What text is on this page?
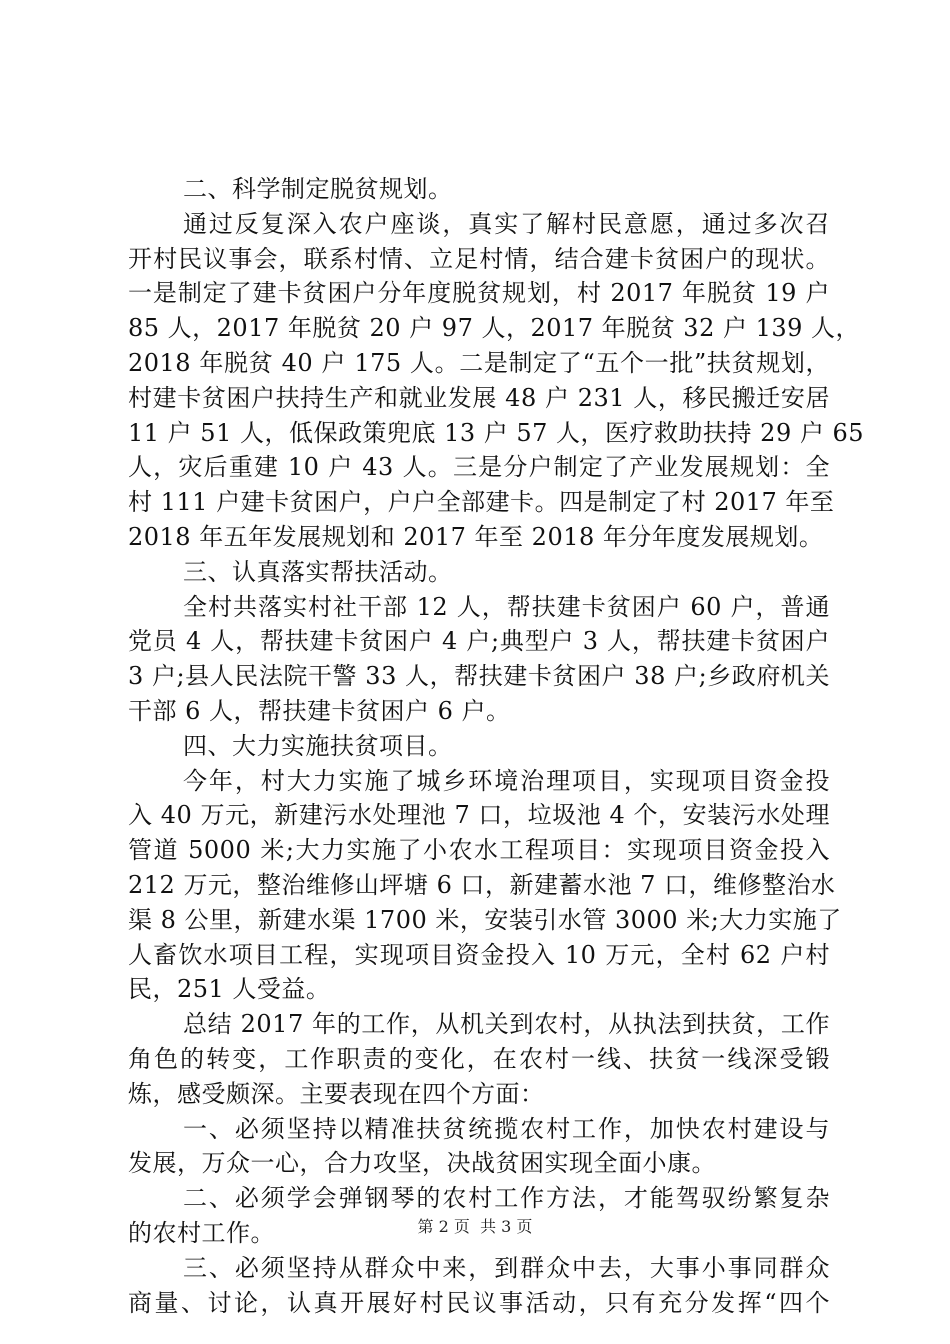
二、科学制定脱贫规划。
通过反复深入农户座谈，真实了解村民意愿，通过多次召
开村民议事会，联系村情、立足村情，结合建卡贫困户的现状。
一是制定了建卡贫困户分年度脱贫规划，村 2017 年脱贫 19 户
85 人，2017 年脱贫 20 户 97 人，2017 年脱贫 32 户 139 人，
2018 年脱贫 40 户 175 人。二是制定了“五个一批”扶贫规划，
村建卡贫困户扶持生产和就业发展 48 户 231 人，移民搬迁安居
11 户 51 人，低保政策兜底 13 户 57 人，医疗救助扶持 29 户 65
人，灾后重建 10 户 43 人。三是分户制定了产业发展规划：全
村 111 户建卡贫困户，户户全部建卡。四是制定了村 2017 年至
2018 年五年发展规划和 2017 年至 2018 年分年度发展规划。
三、认真落实帮扶活动。
全村共落实村社干部 12 人，帮扶建卡贫困户 60 户，普通
党员 4 人，帮扶建卡贫困户 4 户;典型户 3 人，帮扶建卡贫困户
3 户;县人民法院干警 33 人，帮扶建卡贫困户 38 户;乡政府机关
干部 6 人，帮扶建卡贫困户 6 户。
四、大力实施扶贫项目。
今年，村大力实施了城乡环境治理项目，实现项目资金投
入 40 万元，新建污水处理池 7 口，垃圾池 4 个，安装污水处理
管道 5000 米;大力实施了小农水工程项目：实现项目资金投入
212 万元，整治维修山坪塘 6 口，新建蓄水池 7 口，维修整治水
渠 8 公里，新建水渠 1700 米，安装引水管 3000 米;大力实施了
人畜饮水项目工程，实现项目资金投入 10 万元，全村 62 户村
民，251 人受益。
总结 2017 年的工作，从机关到农村，从执法到扶贫，工作
角色的转变，工作职责的变化，在农村一线、扶贫一线深受锻
炼，感受颇深。主要表现在四个方面：
一、必须坚持以精准扶贫统揽农村工作，加快农村建设与
发展，万众一心，合力攻坚，决战贫困实现全面小康。
二、必须学会弹钢琴的农村工作方法，才能驾驭纷繁复杂
的农村工作。
三、必须坚持从群众中来，到群众中去，大事小事同群众
商量、讨论，认真开展好村民议事活动，只有充分发挥“四个
第 2 页  共 3 页
